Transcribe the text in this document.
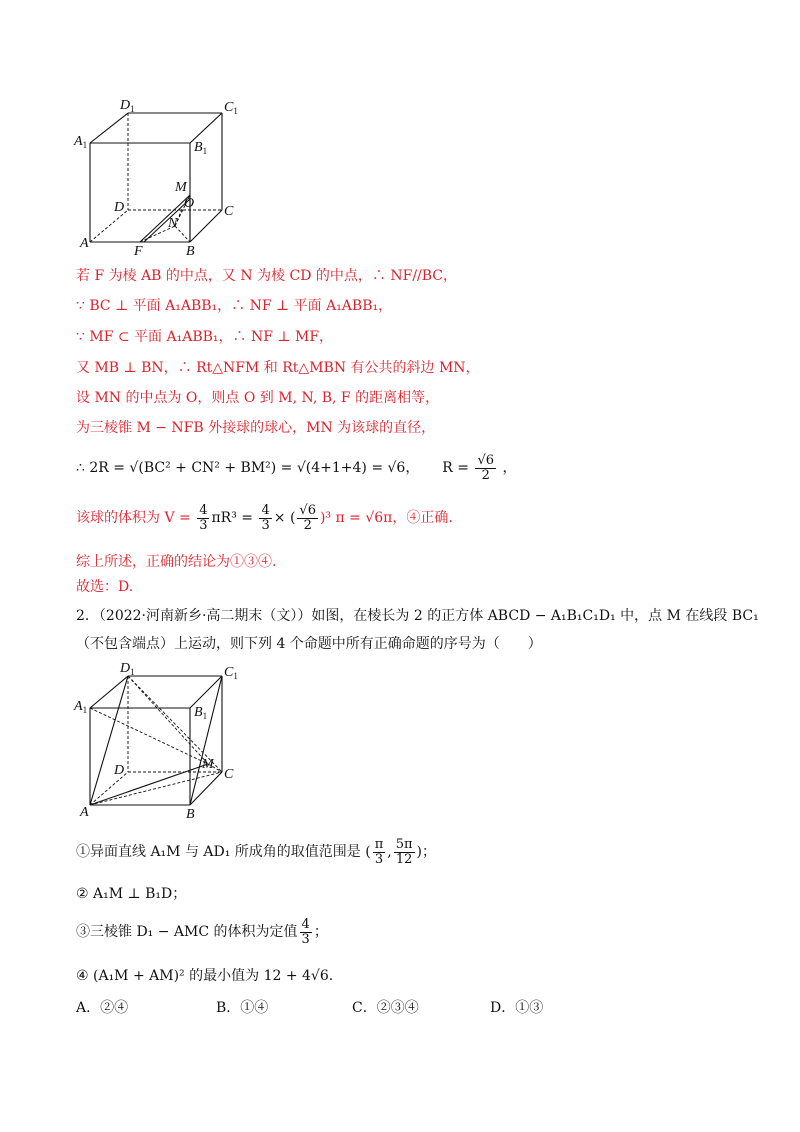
$D_1$	$C_1$
$A_1$	$B_1$
M
O
D	C
N
A
F	B
若 F 为棱 AB 的中点，又 N 为棱 CD 的中点，∴ NF//BC，
∵ BC ⊥ 平面 A₁ABB₁，∴ NF ⊥ 平面 A₁ABB₁，
∵ MF ⊂ 平面 A₁ABB₁，∴ NF ⊥ MF，
又 MB ⊥ BN，∴ Rt△NFM 和 Rt△MBN 有公共的斜边 MN，
设 MN 的中点为 O，则点 O 到 M, N, B, F 的距离相等，
为三棱锥 M − NFB 外接球的球心，MN 为该球的直径，
∴ 2R = √(BC² + CN² + BM²) = √(4+1+4) = √6， $R = \frac{√6}{2}$ ，
该球的体积为 $V = \frac{4}{3} \pi R^3 = \frac{4}{3}$ × ( $\frac{√6}{2} )^3$ π = √6π，④正确.
综上所述，正确的结论为①③④.
故选：D.
2．（2022·河南新乡·高二期末（文））如图，在棱长为 2 的正方体 ABCD − A₁B₁C₁D₁ 中，点 M 在线段 BC₁
（不包含端点）上运动，则下列 4 个命题中所有正确命题的序号为（　　）
$D_1$	$C_1$
$A_1$	$B_1$
D	M
C
A	B
①异面直线 A₁M 与 AD₁ 所成角的取值范围是 ( $\frac{\pi}{3}$ , $\frac{5\pi}{12}$ )；
② A₁M ⊥ B₁D；
③三棱锥 D₁ − AMC 的体积为定值 $\frac{4}{3}$ ；
④ (A₁M + AM)² 的最小值为 12 + 4√6.
A．②④	B．①④	C．②③④	D．①③
